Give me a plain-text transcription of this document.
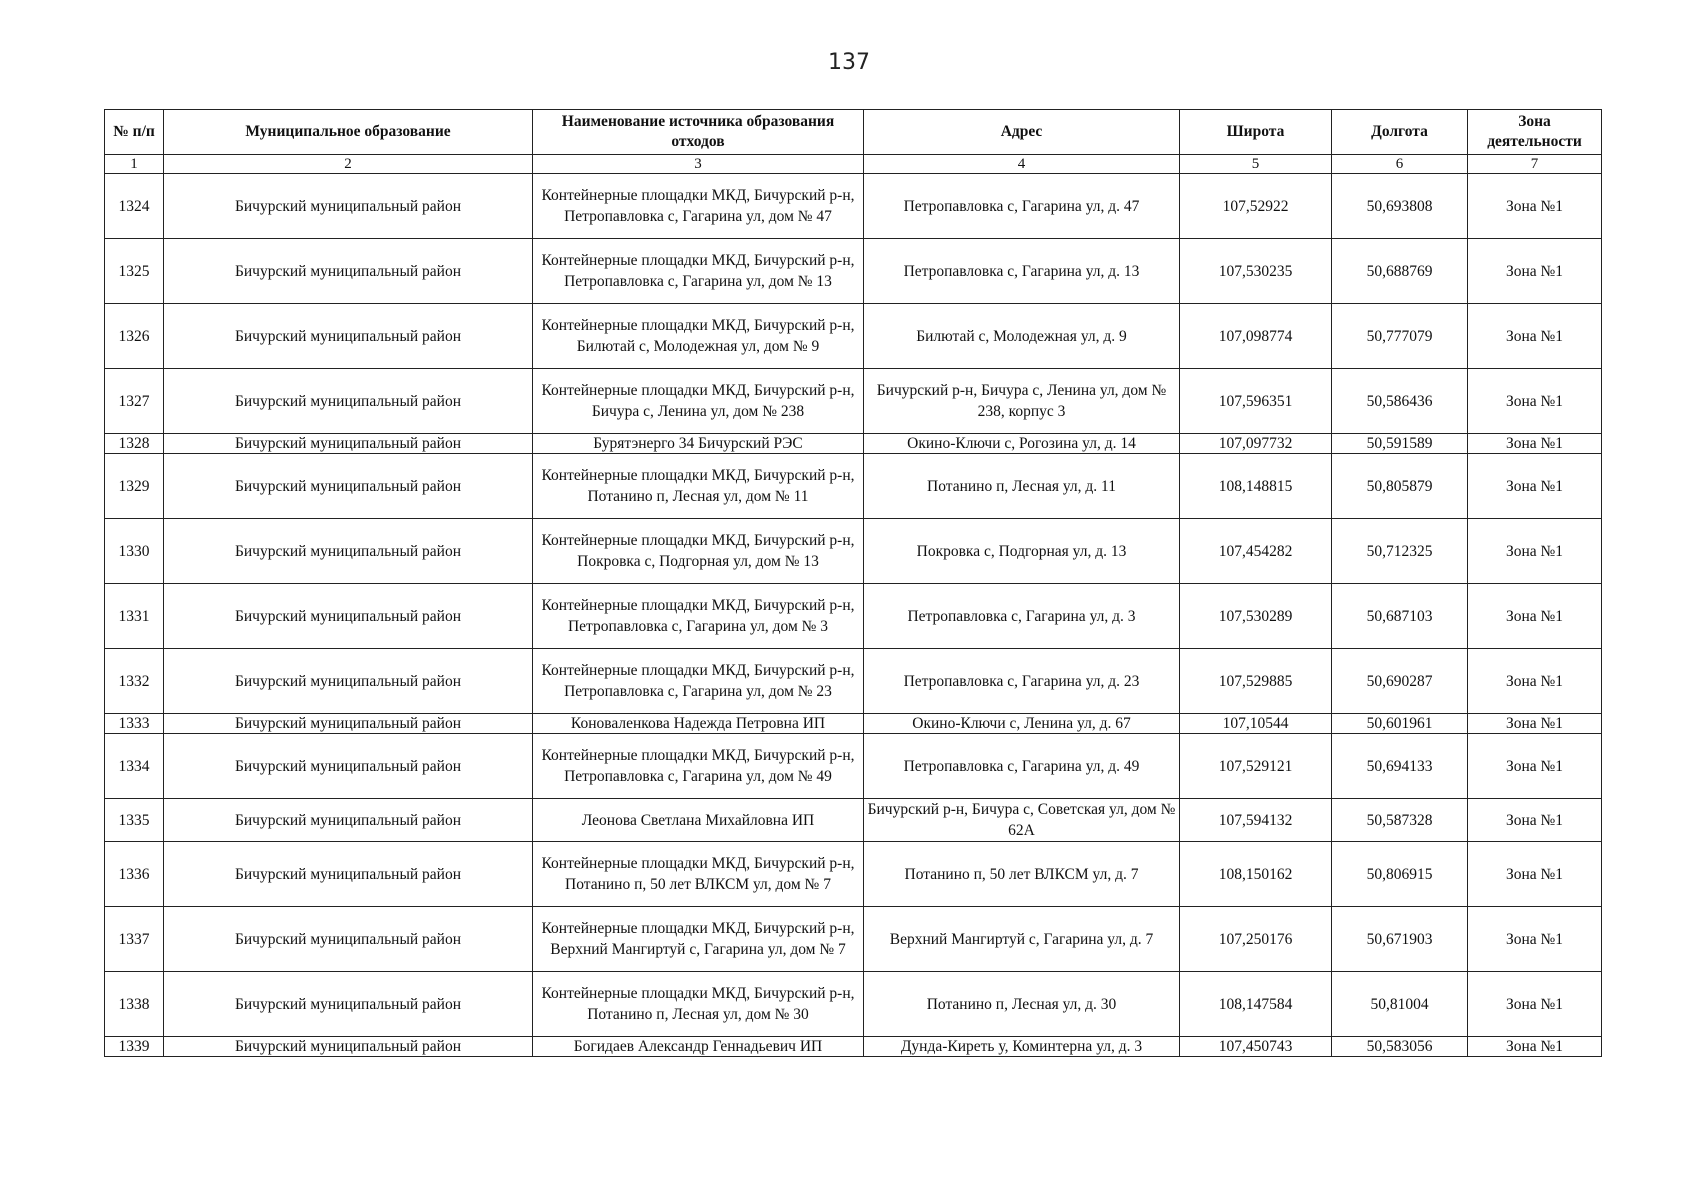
137
№ п/п	Муниципальное образование	Наименование источника образования отходов	Адрес	Широта	Долгота	Зона деятельности
1	2	3	4	5	6	7
1324	Бичурский муниципальный район	Контейнерные площадки МКД, Бичурский р-н, Петропавловка с, Гагарина ул, дом № 47	Петропавловка с, Гагарина ул, д. 47	107,52922	50,693808	Зона №1
1325	Бичурский муниципальный район	Контейнерные площадки МКД, Бичурский р-н, Петропавловка с, Гагарина ул, дом № 13	Петропавловка с, Гагарина ул, д. 13	107,530235	50,688769	Зона №1
1326	Бичурский муниципальный район	Контейнерные площадки МКД, Бичурский р-н, Билютай с, Молодежная ул, дом № 9	Билютай с, Молодежная ул, д. 9	107,098774	50,777079	Зона №1
1327	Бичурский муниципальный район	Контейнерные площадки МКД, Бичурский р-н, Бичура с, Ленина ул, дом № 238	Бичурский р-н, Бичура с, Ленина ул, дом № 238, корпус 3	107,596351	50,586436	Зона №1
1328	Бичурский муниципальный район	Бурятэнерго 34 Бичурский РЭС	Окино-Ключи с, Рогозина ул, д. 14	107,097732	50,591589	Зона №1
1329	Бичурский муниципальный район	Контейнерные площадки МКД, Бичурский р-н, Потанино п, Лесная ул, дом № 11	Потанино п, Лесная ул, д. 11	108,148815	50,805879	Зона №1
1330	Бичурский муниципальный район	Контейнерные площадки МКД, Бичурский р-н, Покровка с, Подгорная ул, дом № 13	Покровка с, Подгорная ул, д. 13	107,454282	50,712325	Зона №1
1331	Бичурский муниципальный район	Контейнерные площадки МКД, Бичурский р-н, Петропавловка с, Гагарина ул, дом № 3	Петропавловка с, Гагарина ул, д. 3	107,530289	50,687103	Зона №1
1332	Бичурский муниципальный район	Контейнерные площадки МКД, Бичурский р-н, Петропавловка с, Гагарина ул, дом № 23	Петропавловка с, Гагарина ул, д. 23	107,529885	50,690287	Зона №1
1333	Бичурский муниципальный район	Коноваленкова Надежда Петровна ИП	Окино-Ключи с, Ленина ул, д. 67	107,10544	50,601961	Зона №1
1334	Бичурский муниципальный район	Контейнерные площадки МКД, Бичурский р-н, Петропавловка с, Гагарина ул, дом № 49	Петропавловка с, Гагарина ул, д. 49	107,529121	50,694133	Зона №1
1335	Бичурский муниципальный район	Леонова Светлана Михайловна ИП	Бичурский р-н, Бичура с, Советская ул, дом № 62А	107,594132	50,587328	Зона №1
1336	Бичурский муниципальный район	Контейнерные площадки МКД, Бичурский р-н, Потанино п, 50 лет ВЛКСМ ул, дом № 7	Потанино п, 50 лет ВЛКСМ ул, д. 7	108,150162	50,806915	Зона №1
1337	Бичурский муниципальный район	Контейнерные площадки МКД, Бичурский р-н, Верхний Мангиртуй с, Гагарина ул, дом № 7	Верхний Мангиртуй с, Гагарина ул, д. 7	107,250176	50,671903	Зона №1
1338	Бичурский муниципальный район	Контейнерные площадки МКД, Бичурский р-н, Потанино п, Лесная ул, дом № 30	Потанино п, Лесная ул, д. 30	108,147584	50,81004	Зона №1
1339	Бичурский муниципальный район	Богидаев Александр Геннадьевич ИП	Дунда-Киреть у, Коминтерна ул, д. 3	107,450743	50,583056	Зона №1
